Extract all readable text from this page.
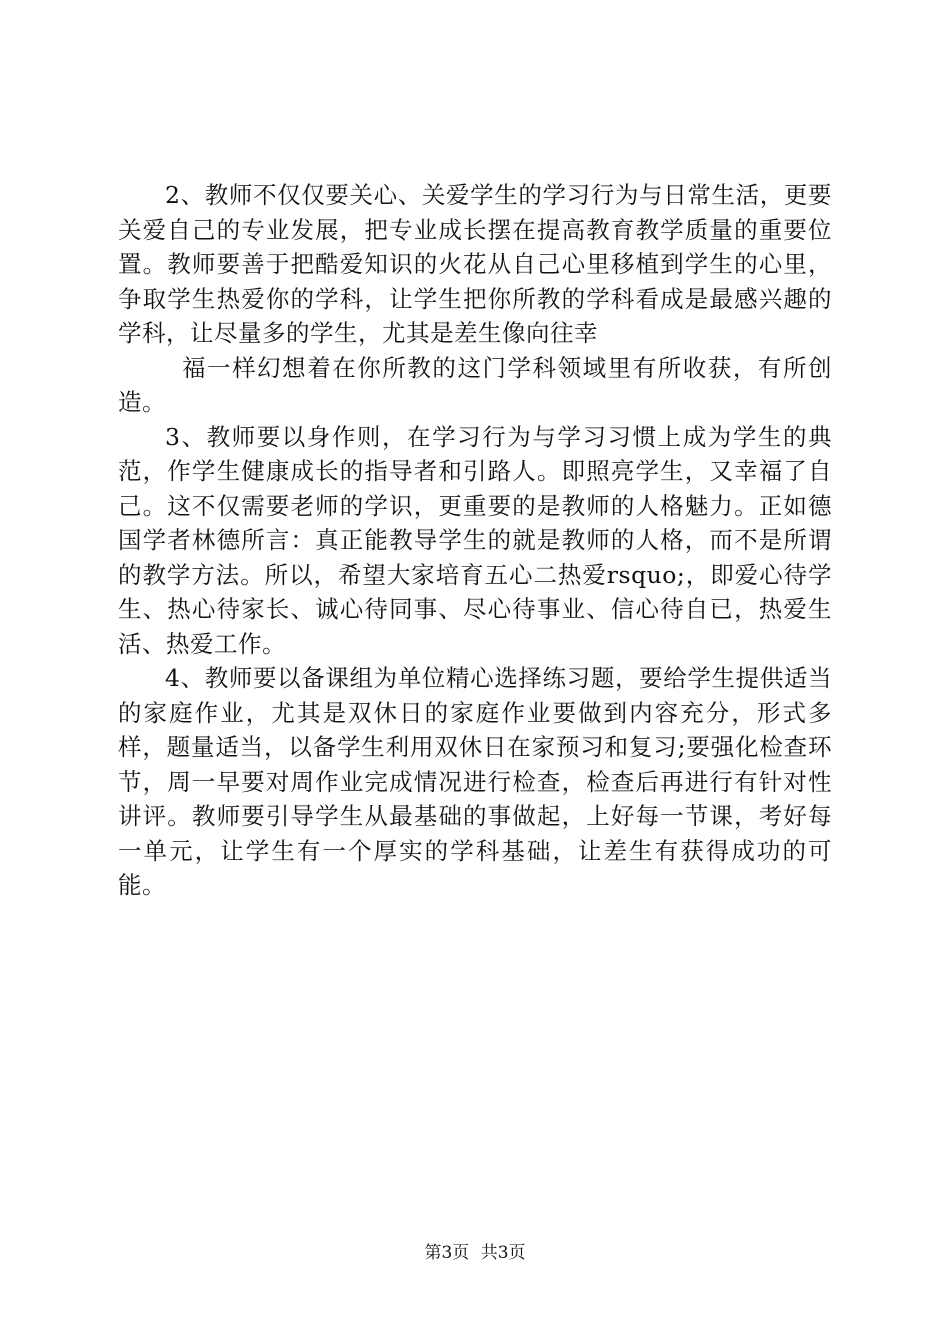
2、教师不仅仅要关心、关爱学生的学习行为与日常生活，更要关爱自己的专业发展，把专业成长摆在提高教育教学质量的重要位置。教师要善于把酷爱知识的火花从自己心里移植到学生的心里，争取学生热爱你的学科，让学生把你所教的学科看成是最感兴趣的学科，让尽量多的学生，尤其是差生像向往幸

福一样幻想着在你所教的这门学科领域里有所收获，有所创造。

3、教师要以身作则，在学习行为与学习习惯上成为学生的典范，作学生健康成长的指导者和引路人。即照亮学生，又幸福了自己。这不仅需要老师的学识，更重要的是教师的人格魅力。正如德国学者林德所言：真正能教导学生的就是教师的人格，而不是所谓的教学方法。所以，希望大家培育五心二热爱rsquo;，即爱心待学生、热心待家长、诚心待同事、尽心待事业、信心待自已，热爱生活、热爱工作。

4、教师要以备课组为单位精心选择练习题，要给学生提供适当的家庭作业，尤其是双休日的家庭作业要做到内容充分，形式多样，题量适当，以备学生利用双休日在家预习和复习;要强化检查环节，周一早要对周作业完成情况进行检查，检查后再进行有针对性讲评。教师要引导学生从最基础的事做起，上好每一节课，考好每一单元，让学生有一个厚实的学科基础，让差生有获得成功的可能。

第3页 共3页
